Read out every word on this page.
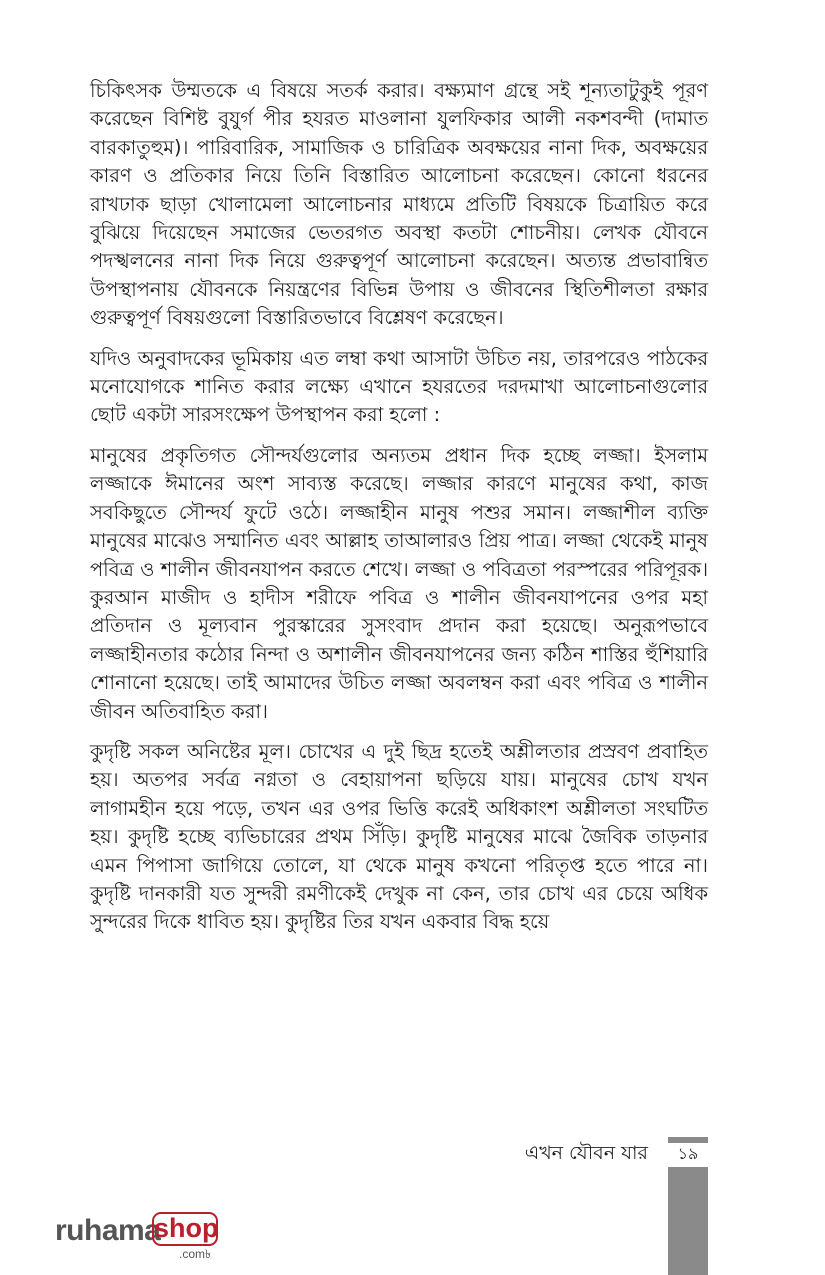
চিকিৎসক উম্মতকে এ বিষয়ে সতর্ক করার। বক্ষ্যমাণ গ্রন্থে সই শূন্যতাটুকুই পূরণ করেছেন বিশিষ্ট বুযুর্গ পীর হযরত মাওলানা যুলফিকার আলী নকশবন্দী (দামাত বারকাতুহুম)। পারিবারিক, সামাজিক ও চারিত্রিক অবক্ষয়ের নানা দিক, অবক্ষয়ের কারণ ও প্রতিকার নিয়ে তিনি বিস্তারিত আলোচনা করেছেন। কোনো ধরনের রাখঢাক ছাড়া খোলামেলা আলোচনার মাধ্যমে প্রতিটি বিষয়কে চিত্রায়িত করে বুঝিয়ে দিয়েছেন সমাজের ভেতরগত অবস্থা কতটা শোচনীয়। লেখক যৌবনে পদস্খলনের নানা দিক নিয়ে গুরুত্বপূর্ণ আলোচনা করেছেন। অত্যন্ত প্রভাবান্বিত উপস্থাপনায় যৌবনকে নিয়ন্ত্রণের বিভিন্ন উপায় ও জীবনের স্থিতিশীলতা রক্ষার গুরুত্বপূর্ণ বিষয়গুলো বিস্তারিতভাবে বিশ্লেষণ করেছেন।

যদিও অনুবাদকের ভূমিকায় এত লম্বা কথা আসাটা উচিত নয়, তারপরেও পাঠকের মনোযোগকে শানিত করার লক্ষ্যে এখানে হযরতের দরদমাখা আলোচনাগুলোর ছোট একটা সারসংক্ষেপ উপস্থাপন করা হলো :

মানুষের প্রকৃতিগত সৌন্দর্যগুলোর অন্যতম প্রধান দিক হচ্ছে লজ্জা। ইসলাম লজ্জাকে ঈমানের অংশ সাব্যস্ত করেছে। লজ্জার কারণে মানুষের কথা, কাজ সবকিছুতে সৌন্দর্য ফুটে ওঠে। লজ্জাহীন মানুষ পশুর সমান। লজ্জাশীল ব্যক্তি মানুষের মাঝেও সম্মানিত এবং আল্লাহ তাআলারও প্রিয় পাত্র। লজ্জা থেকেই মানুষ পবিত্র ও শালীন জীবনযাপন করতে শেখে। লজ্জা ও পবিত্রতা পরস্পরের পরিপূরক। কুরআন মাজীদ ও হাদীস শরীফে পবিত্র ও শালীন জীবনযাপনের ওপর মহা প্রতিদান ও মূল্যবান পুরস্কারের সুসংবাদ প্রদান করা হয়েছে। অনুরূপভাবে লজ্জাহীনতার কঠোর নিন্দা ও অশালীন জীবনযাপনের জন্য কঠিন শাস্তির হুঁশিয়ারি শোনানো হয়েছে। তাই আমাদের উচিত লজ্জা অবলম্বন করা এবং পবিত্র ও শালীন জীবন অতিবাহিত করা।

কুদৃষ্টি সকল অনিষ্টের মূল। চোখের এ দুই ছিদ্র হতেই অশ্লীলতার প্রস্রবণ প্রবাহিত হয়। অতপর সর্বত্র নগ্নতা ও বেহায়াপনা ছড়িয়ে যায়। মানুষের চোখ যখন লাগামহীন হয়ে পড়ে, তখন এর ওপর ভিত্তি করেই অধিকাংশ অশ্লীলতা সংঘটিত হয়। কুদৃষ্টি হচ্ছে ব্যভিচারের প্রথম সিঁড়ি। কুদৃষ্টি মানুষের মাঝে জৈবিক তাড়নার এমন পিপাসা জাগিয়ে তোলে, যা থেকে মানুষ কখনো পরিতৃপ্ত হতে পারে না। কুদৃষ্টি দানকারী যত সুন্দরী রমণীকেই দেখুক না কেন, তার চোখ এর চেয়ে অধিক সুন্দরের দিকে ধাবিত হয়। কুদৃষ্টির তির যখন একবার বিদ্ধ হয়ে

এখন যৌবন যার	১৯
ruhama
shop
.com৳
